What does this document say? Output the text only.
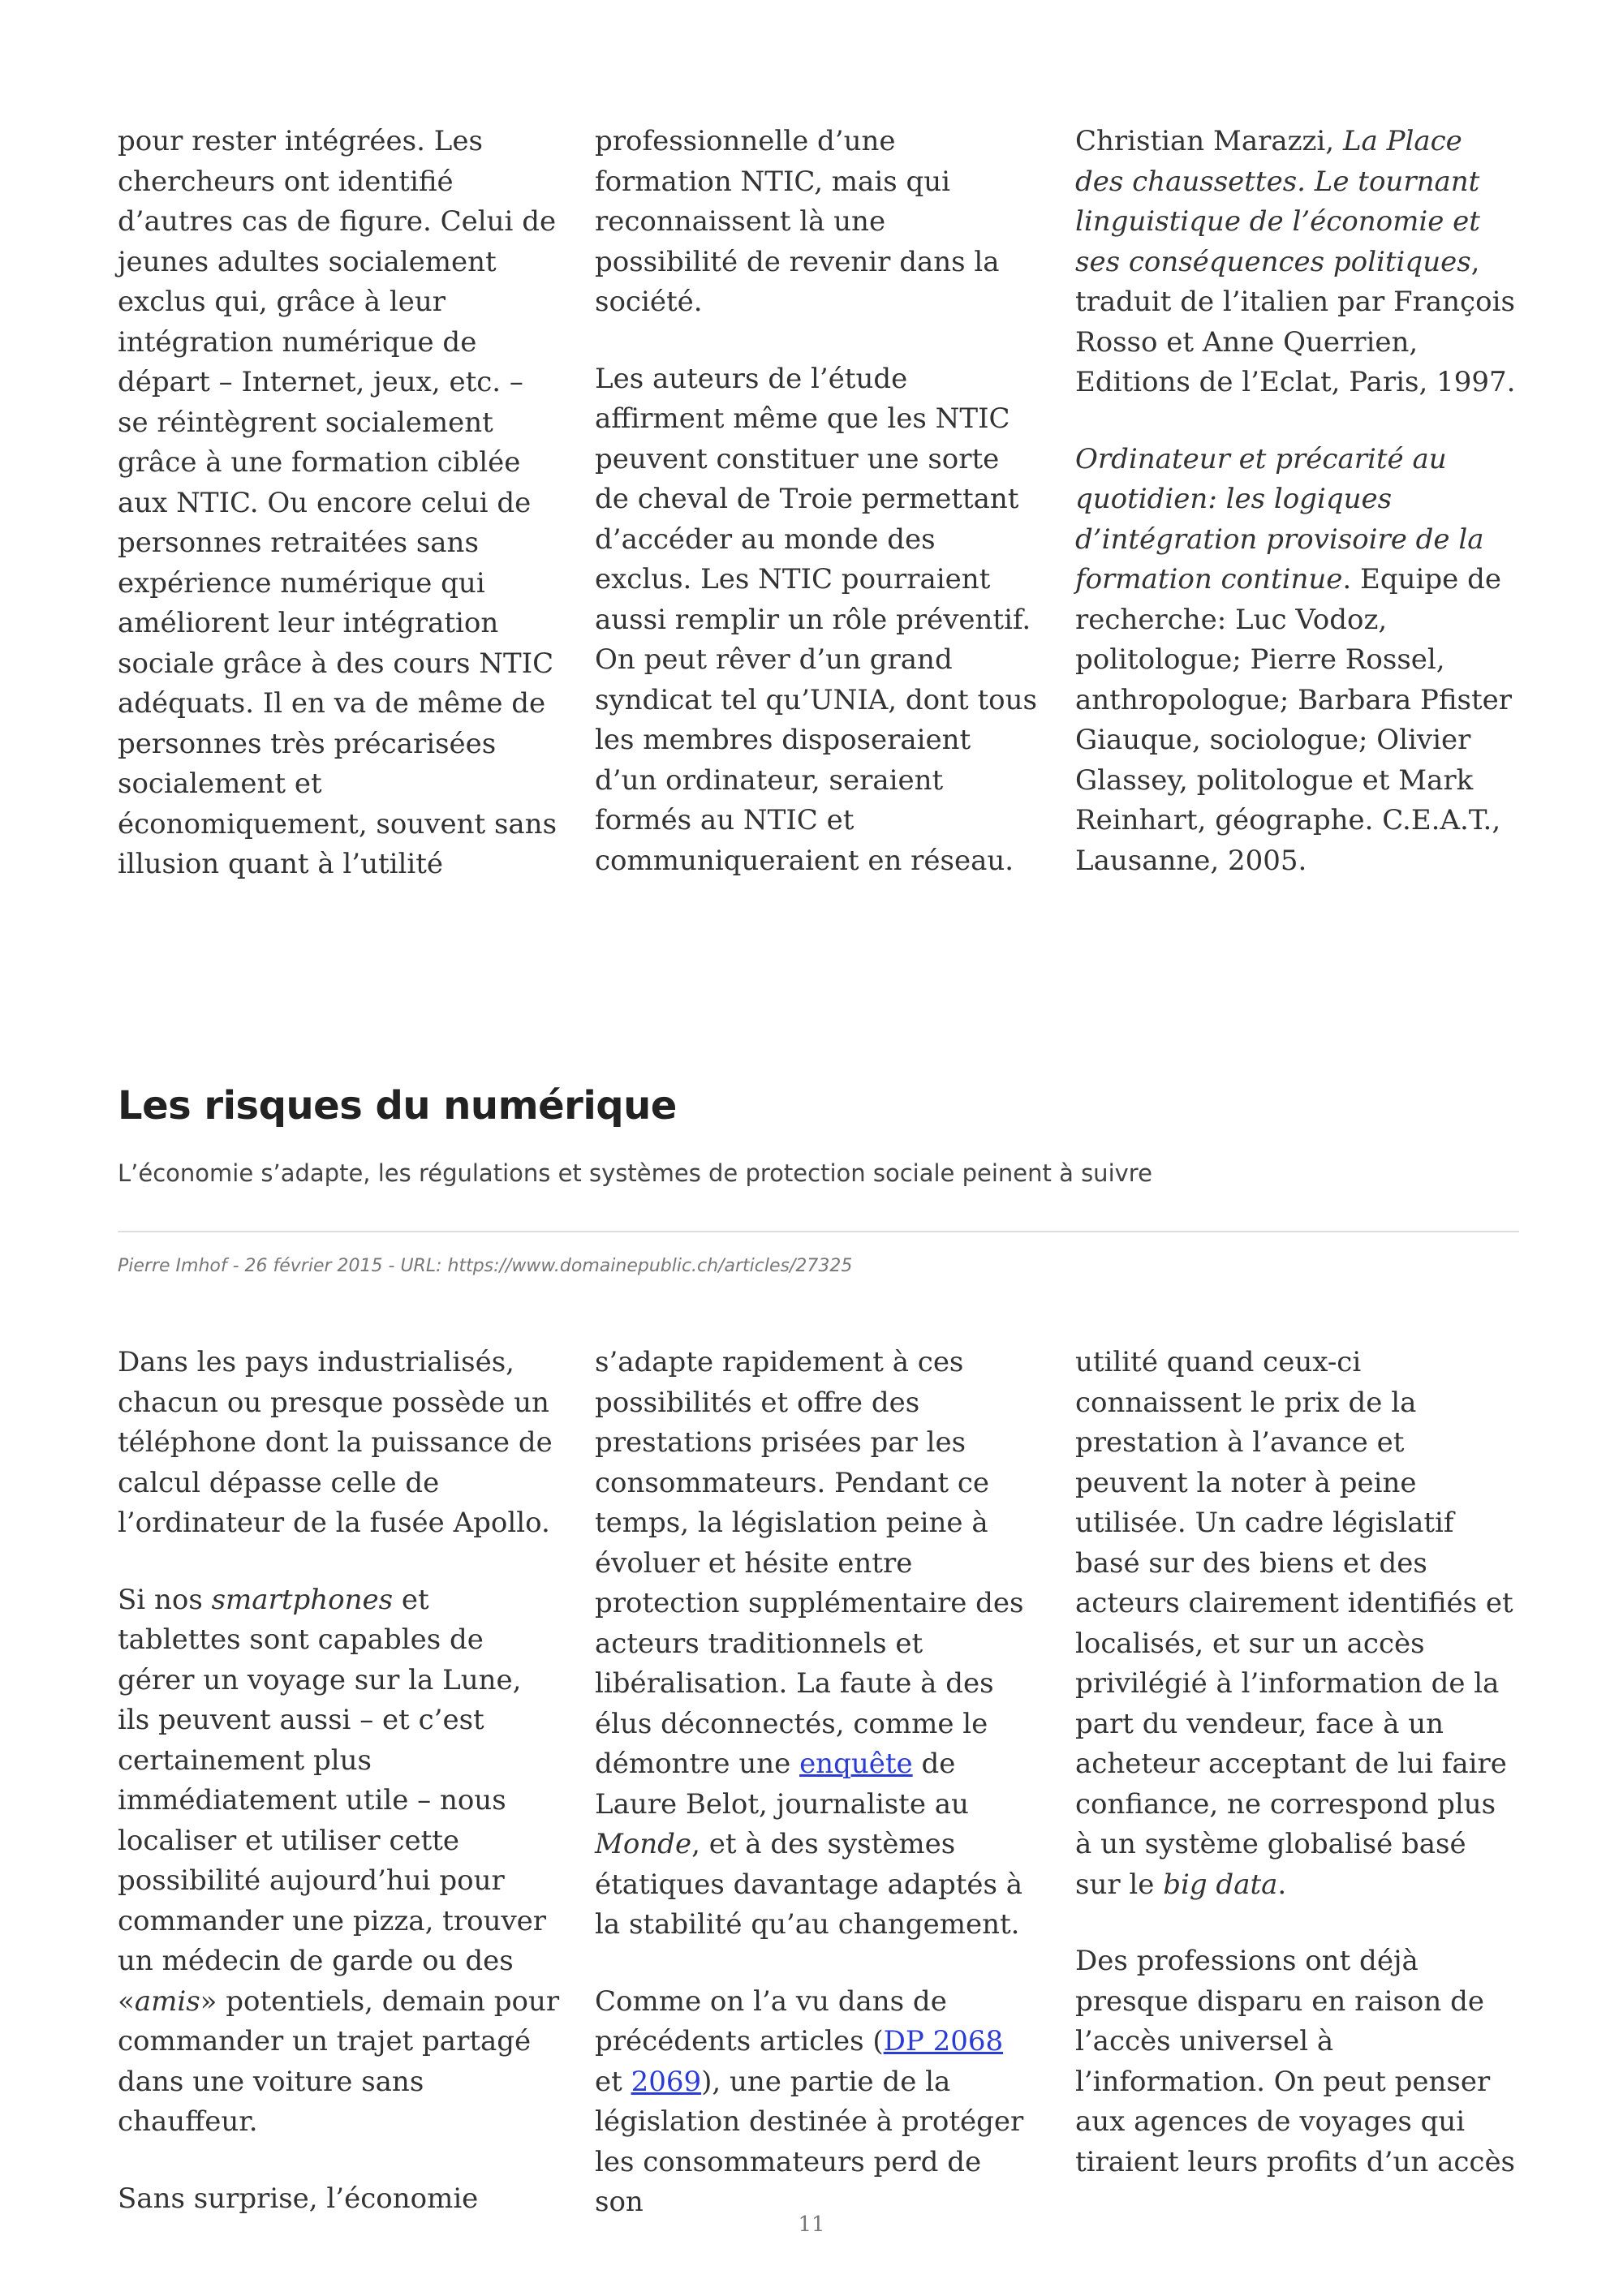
pour rester intégrées. Les chercheurs ont identifié d’autres cas de figure. Celui de jeunes adultes socialement exclus qui, grâce à leur intégration numérique de départ – Internet, jeux, etc. – se réintègrent socialement grâce à une formation ciblée aux NTIC. Ou encore celui de personnes retraitées sans expérience numérique qui améliorent leur intégration sociale grâce à des cours NTIC adéquats. Il en va de même de personnes très précarisées socialement et économiquement, souvent sans illusion quant à l’utilité

professionnelle d’une formation NTIC, mais qui reconnaissent là une possibilité de revenir dans la société.

Les auteurs de l’étude affirment même que les NTIC peuvent constituer une sorte de cheval de Troie permettant d’accéder au monde des exclus. Les NTIC pourraient aussi remplir un rôle préventif. On peut rêver d’un grand syndicat tel qu’UNIA, dont tous les membres disposeraient d’un ordinateur, seraient formés au NTIC et communiqueraient en réseau.

Christian Marazzi, La Place des chaussettes. Le tournant linguistique de l’économie et ses conséquences politiques, traduit de l’italien par François Rosso et Anne Querrien, Editions de l’Eclat, Paris, 1997.

Ordinateur et précarité au quotidien: les logiques d’intégration provisoire de la formation continue. Equipe de recherche: Luc Vodoz, politologue; Pierre Rossel, anthropologue; Barbara Pfister Giauque, sociologue; Olivier Glassey, politologue et Mark Reinhart, géographe. C.E.A.T., Lausanne, 2005.

Les risques du numérique

L’économie s’adapte, les régulations et systèmes de protection sociale peinent à suivre

Pierre Imhof - 26 février 2015 - URL: https://www.domainepublic.ch/articles/27325

Dans les pays industrialisés, chacun ou presque possède un téléphone dont la puissance de calcul dépasse celle de l’ordinateur de la fusée Apollo.

Si nos smartphones et tablettes sont capables de gérer un voyage sur la Lune, ils peuvent aussi – et c’est certainement plus immédiatement utile – nous localiser et utiliser cette possibilité aujourd’hui pour commander une pizza, trouver un médecin de garde ou des «amis» potentiels, demain pour commander un trajet partagé dans une voiture sans chauffeur.

Sans surprise, l’économie

s’adapte rapidement à ces possibilités et offre des prestations prisées par les consommateurs. Pendant ce temps, la législation peine à évoluer et hésite entre protection supplémentaire des acteurs traditionnels et libéralisation. La faute à des élus déconnectés, comme le démontre une enquête de Laure Belot, journaliste au Monde, et à des systèmes étatiques davantage adaptés à la stabilité qu’au changement.

Comme on l’a vu dans de précédents articles (DP 2068 et 2069), une partie de la législation destinée à protéger les consommateurs perd de son

utilité quand ceux-ci connaissent le prix de la prestation à l’avance et peuvent la noter à peine utilisée. Un cadre législatif basé sur des biens et des acteurs clairement identifiés et localisés, et sur un accès privilégié à l’information de la part du vendeur, face à un acheteur acceptant de lui faire confiance, ne correspond plus à un système globalisé basé sur le big data.

Des professions ont déjà presque disparu en raison de l’accès universel à l’information. On peut penser aux agences de voyages qui tiraient leurs profits d’un accès

11
